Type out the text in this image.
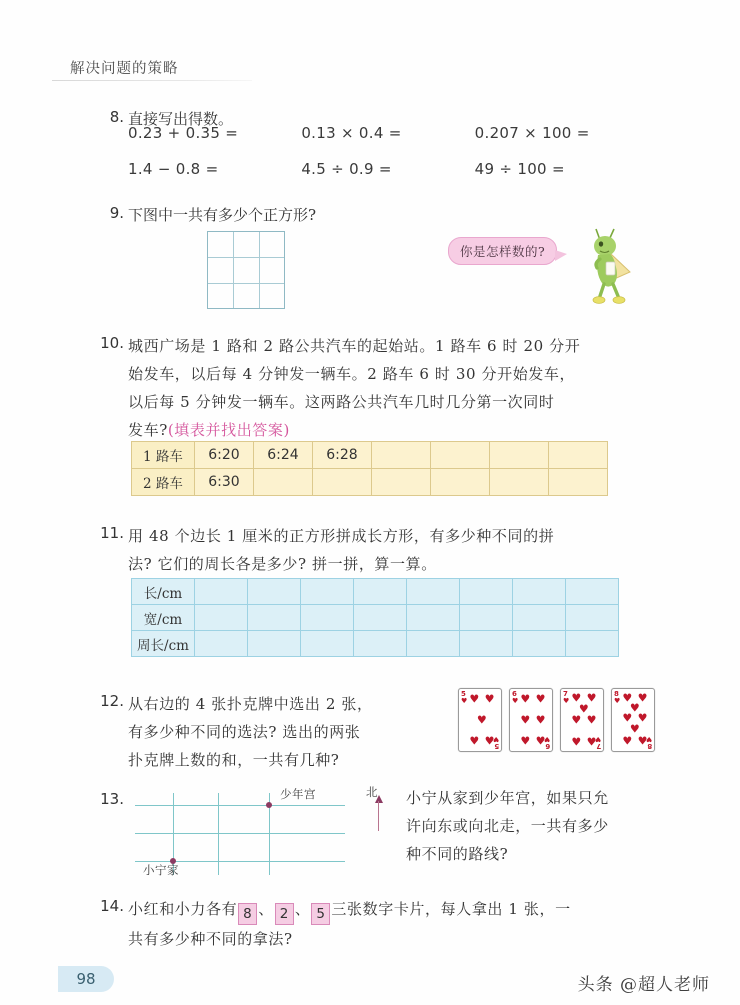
解决问题的策略
8. 直接写出得数。
0.23 + 0.35 =	0.13 × 0.4 =	0.207 × 100 =
1.4 − 0.8 =	4.5 ÷ 0.9 =	49 ÷ 100 =
9. 下图中一共有多少个正方形?
你是怎样数的?
10. 城西广场是 1 路和 2 路公共汽车的起始站。1 路车 6 时 20 分开
始发车，以后每 4 分钟发一辆车。2 路车 6 时 30 分开始发车，
以后每 5 分钟发一辆车。这两路公共汽车几时几分第一次同时
发车?(填表并找出答案)
1 路车	6:20	6:24	6:28				
2 路车	6:30						
11. 用 48 个边长 1 厘米的正方形拼成长方形，有多少种不同的拼
法? 它们的周长各是多少? 拼一拼，算一算。
长/cm								
宽/cm								
周长/cm								
12. 从右边的 4 张扑克牌中选出 2 张，
有多少种不同的选法? 选出的两张
扑克牌上数的和，一共有几种?
5
♥
5
♥
♥ ♥
♥
♥ ♥
6
♥
6
♥
♥ ♥
♥ ♥
♥ ♥
7
♥
7
♥
♥ ♥
♥
♥ ♥
♥ ♥
8
♥
8
♥
♥ ♥
♥
♥ ♥
♥
♥ ♥
13.
小宁家
少年宫	北 小宁从家到少年宫，如果只允
许向东或向北走，一共有多少
种不同的路线?
14. 小红和小力各有 8 、 2 、 5 三张数字卡片，每人拿出 1 张，一
共有多少种不同的拿法?
98	头条 @超人老师
